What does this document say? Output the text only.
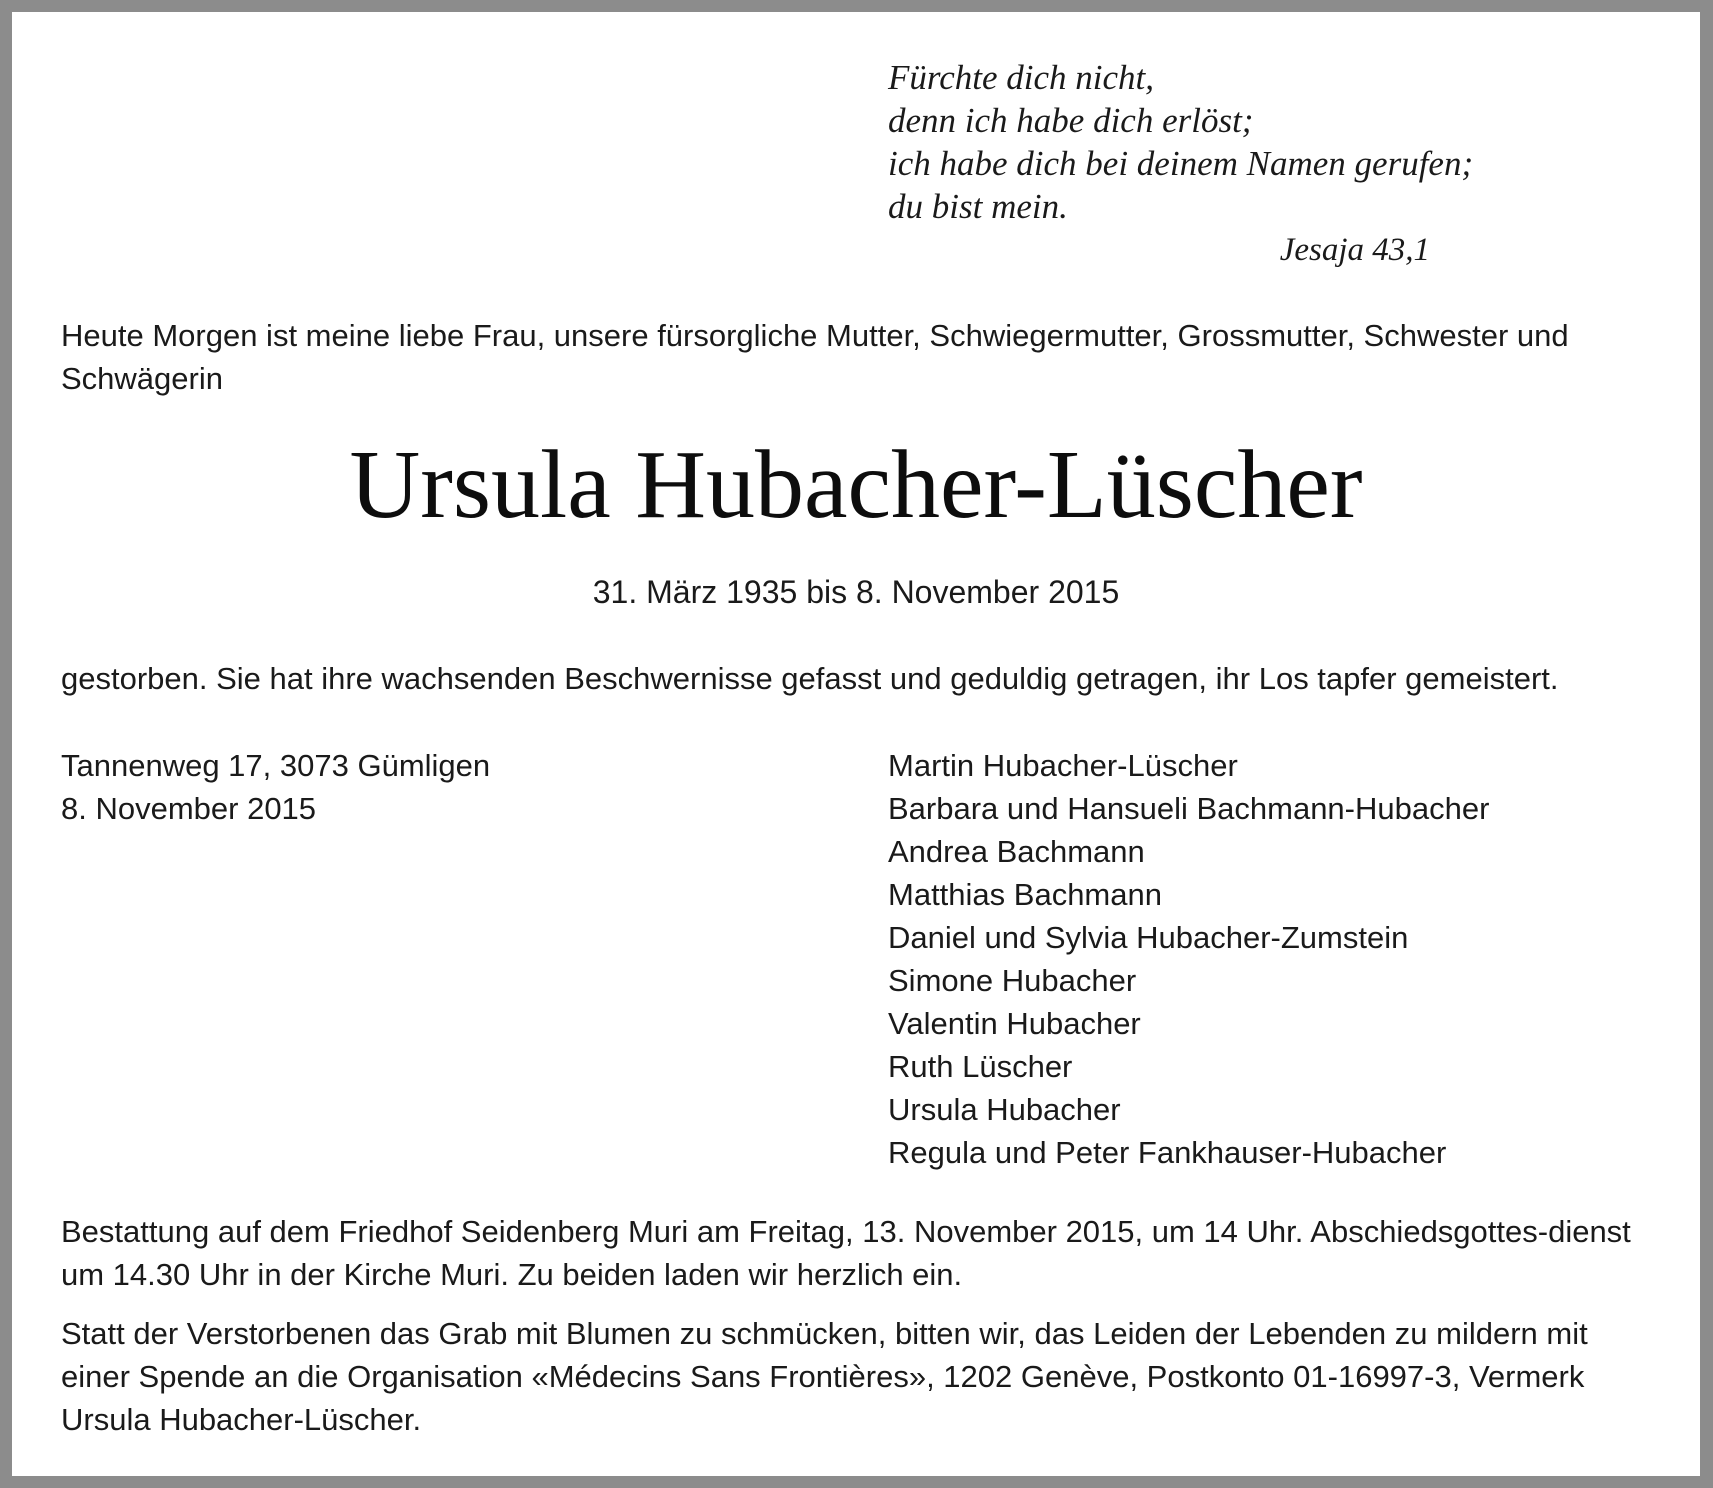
Fürchte dich nicht,
denn ich habe dich erlöst;
ich habe dich bei deinem Namen gerufen;
du bist mein.
Jesaja 43,1
Heute Morgen ist meine liebe Frau, unsere fürsorgliche Mutter, Schwiegermutter, Grossmutter, Schwester und Schwägerin
Ursula Hubacher-Lüscher
31. März 1935 bis 8. November 2015
gestorben. Sie hat ihre wachsenden Beschwernisse gefasst und geduldig getragen, ihr Los tapfer gemeistert.
Tannenweg 17, 3073 Gümligen
8. November 2015
Martin Hubacher-Lüscher
Barbara und Hansueli Bachmann-Hubacher
Andrea Bachmann
Matthias Bachmann
Daniel und Sylvia Hubacher-Zumstein
Simone Hubacher
Valentin Hubacher
Ruth Lüscher
Ursula Hubacher
Regula und Peter Fankhauser-Hubacher
Bestattung auf dem Friedhof Seidenberg Muri am Freitag, 13. November 2015, um 14 Uhr. Abschiedsgottes-dienst um 14.30 Uhr in der Kirche Muri. Zu beiden laden wir herzlich ein.
Statt der Verstorbenen das Grab mit Blumen zu schmücken, bitten wir, das Leiden der Lebenden zu mildern mit einer Spende an die Organisation «Médecins Sans Frontières», 1202 Genève, Postkonto 01-16997-3, Vermerk Ursula Hubacher-Lüscher.
